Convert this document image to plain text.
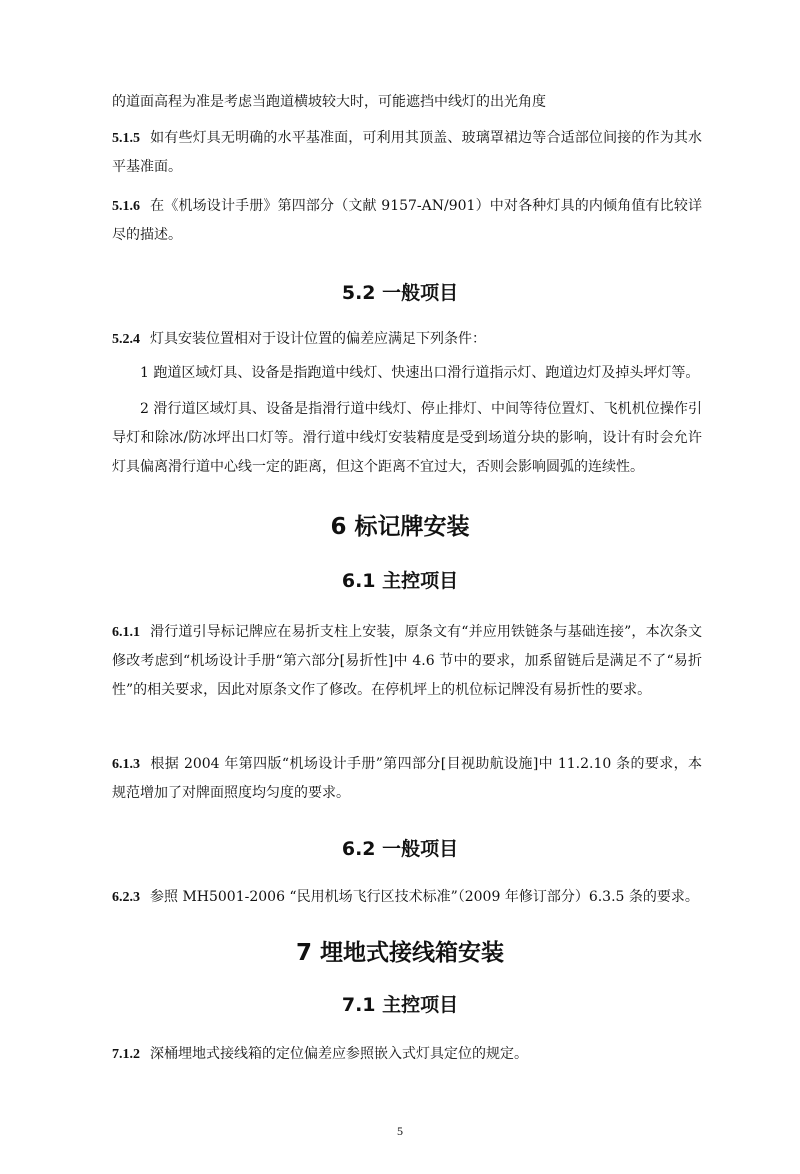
的道面高程为准是考虑当跑道横坡较大时，可能遮挡中线灯的出光角度

5.1.5 如有些灯具无明确的水平基准面，可利用其顶盖、玻璃罩裙边等合适部位间接的作为其水平基准面。

5.1.6 在《机场设计手册》第四部分（文献 9157-AN/901）中对各种灯具的内倾角值有比较详尽的描述。

5.2 一般项目

5.2.4 灯具安装位置相对于设计位置的偏差应满足下列条件：

1 跑道区域灯具、设备是指跑道中线灯、快速出口滑行道指示灯、跑道边灯及掉头坪灯等。

2 滑行道区域灯具、设备是指滑行道中线灯、停止排灯、中间等待位置灯、飞机机位操作引导灯和除冰/防冰坪出口灯等。滑行道中线灯安装精度是受到场道分块的影响，设计有时会允许灯具偏离滑行道中心线一定的距离，但这个距离不宜过大，否则会影响圆弧的连续性。

6 标记牌安装
6.1 主控项目

6.1.1 滑行道引导标记牌应在易折支柱上安装，原条文有“并应用铁链条与基础连接”，本次条文修改考虑到“机场设计手册“第六部分[易折性]中 4.6 节中的要求，加系留链后是满足不了“易折性”的相关要求，因此对原条文作了修改。在停机坪上的机位标记牌没有易折性的要求。

6.1.3 根据 2004 年第四版“机场设计手册”第四部分[目视助航设施]中 11.2.10 条的要求，本规范增加了对牌面照度均匀度的要求。

6.2 一般项目

6.2.3 参照 MH5001-2006 “民用机场飞行区技术标准”（2009 年修订部分）6.3.5 条的要求。

7 埋地式接线箱安装
7.1 主控项目

7.1.2 深桶埋地式接线箱的定位偏差应参照嵌入式灯具定位的规定。

5
